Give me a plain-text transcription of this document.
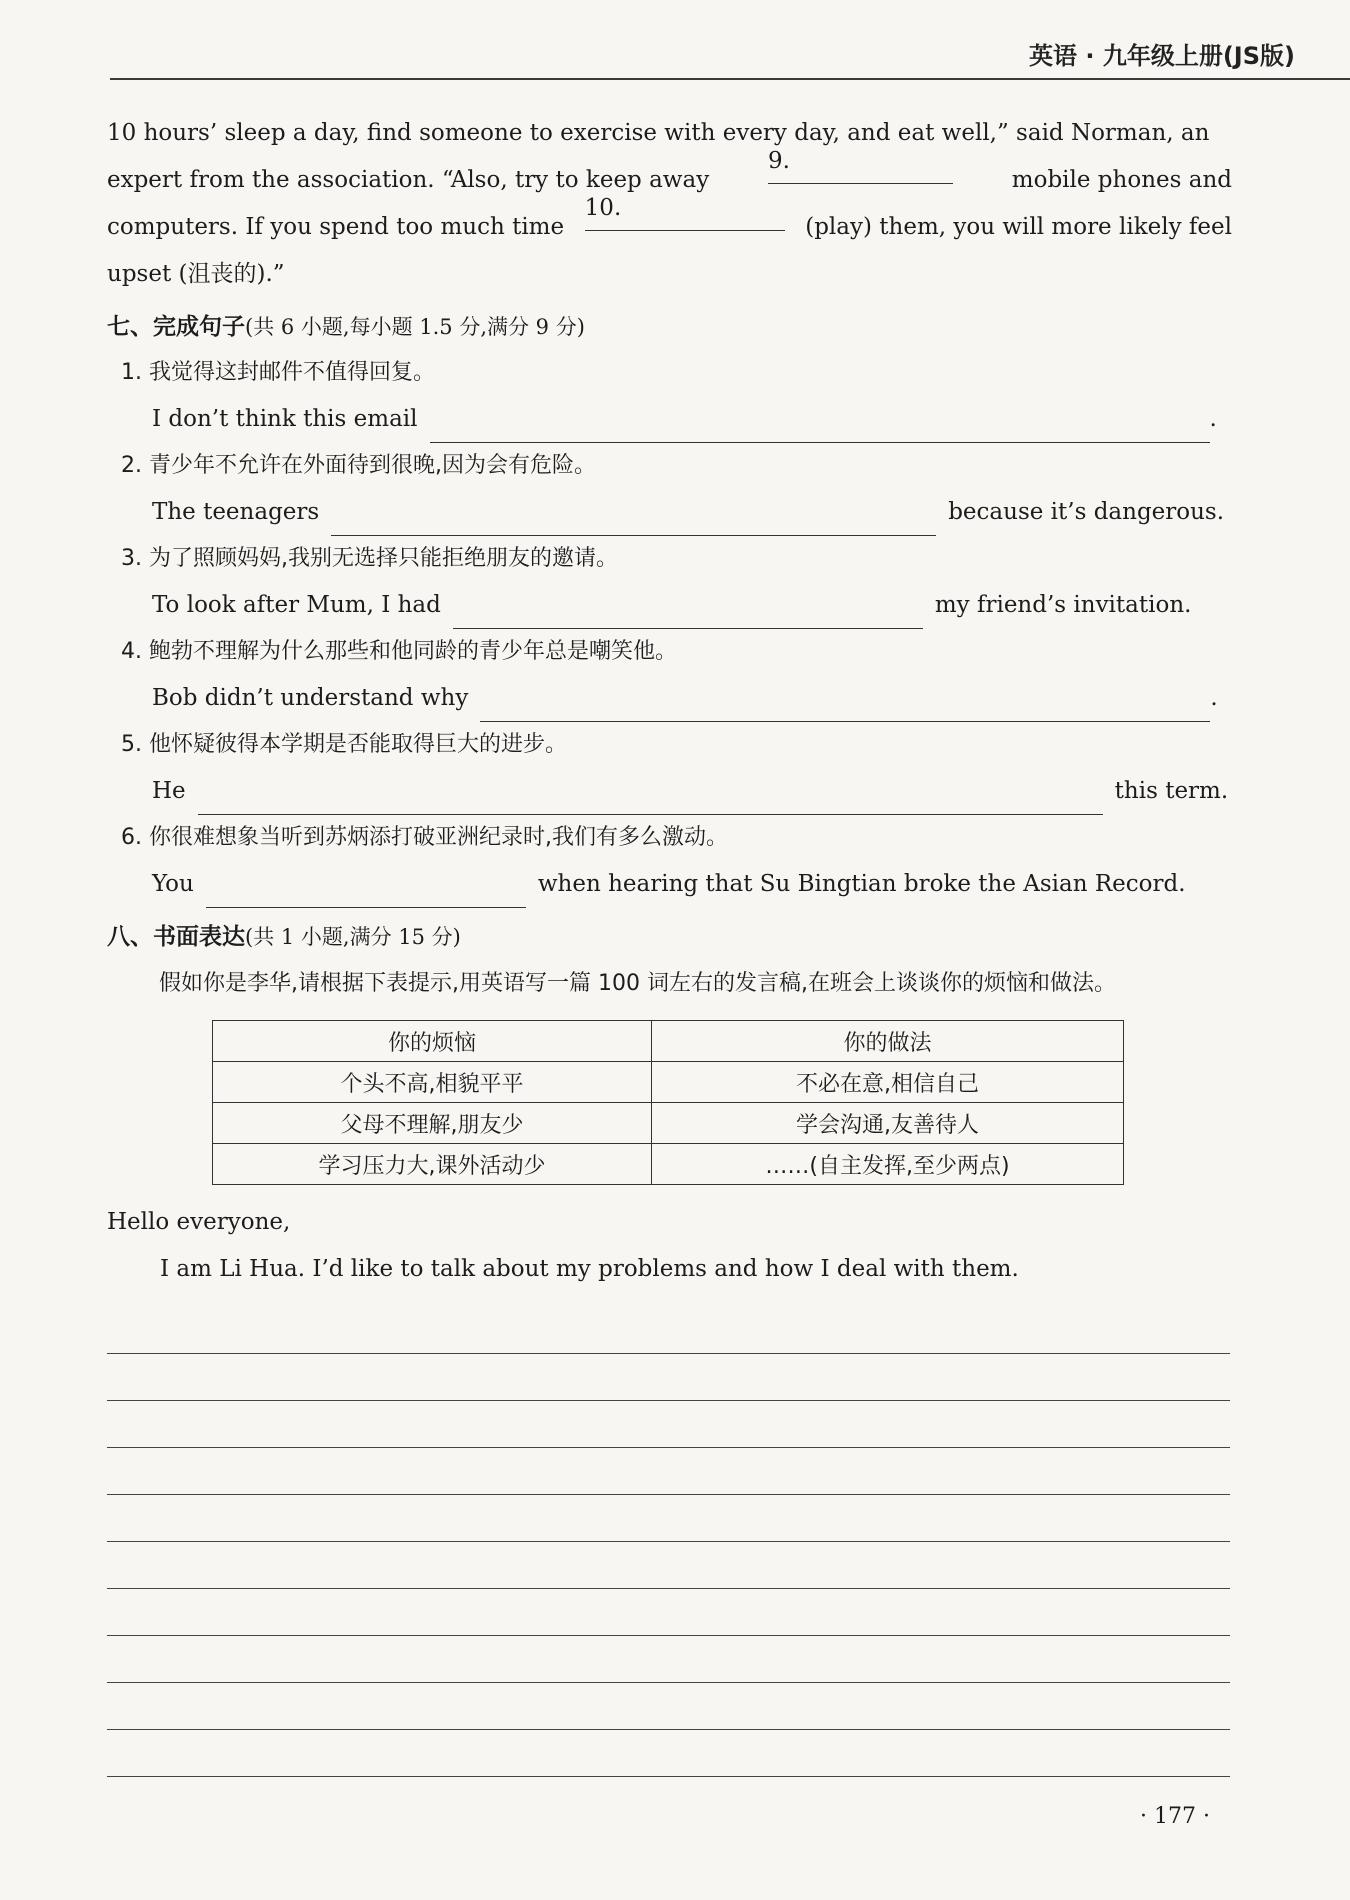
英语 · 九年级上册(JS版)
10 hours’ sleep a day, find someone to exercise with every day, and eat well,” said Norman, an
expert from the association. “Also, try to keep away
9.
mobile phones and
computers. If you spend too much time
10.
(play) them, you will more likely feel
upset (沮丧的).”
七、完成句子(共 6 小题,每小题 1.5 分,满分 9 分)
1. 我觉得这封邮件不值得回复。
I don’t think this email	.
2. 青少年不允许在外面待到很晚,因为会有危险。
The teenagers	because it’s dangerous.
3. 为了照顾妈妈,我别无选择只能拒绝朋友的邀请。
To look after Mum, I had	my friend’s invitation.
4. 鲍勃不理解为什么那些和他同龄的青少年总是嘲笑他。
Bob didn’t understand why	.
5. 他怀疑彼得本学期是否能取得巨大的进步。
He	this term.
6. 你很难想象当听到苏炳添打破亚洲纪录时,我们有多么激动。
You	when hearing that Su Bingtian broke the Asian Record.
八、书面表达(共 1 小题,满分 15 分)
假如你是李华,请根据下表提示,用英语写一篇 100 词左右的发言稿,在班会上谈谈你的烦恼和做法。
你的烦恼	你的做法
个头不高,相貌平平	不必在意,相信自己
父母不理解,朋友少	学会沟通,友善待人
学习压力大,课外活动少	……(自主发挥,至少两点)
Hello everyone,
I am Li Hua. I’d like to talk about my problems and how I deal with them.
· 177 ·
